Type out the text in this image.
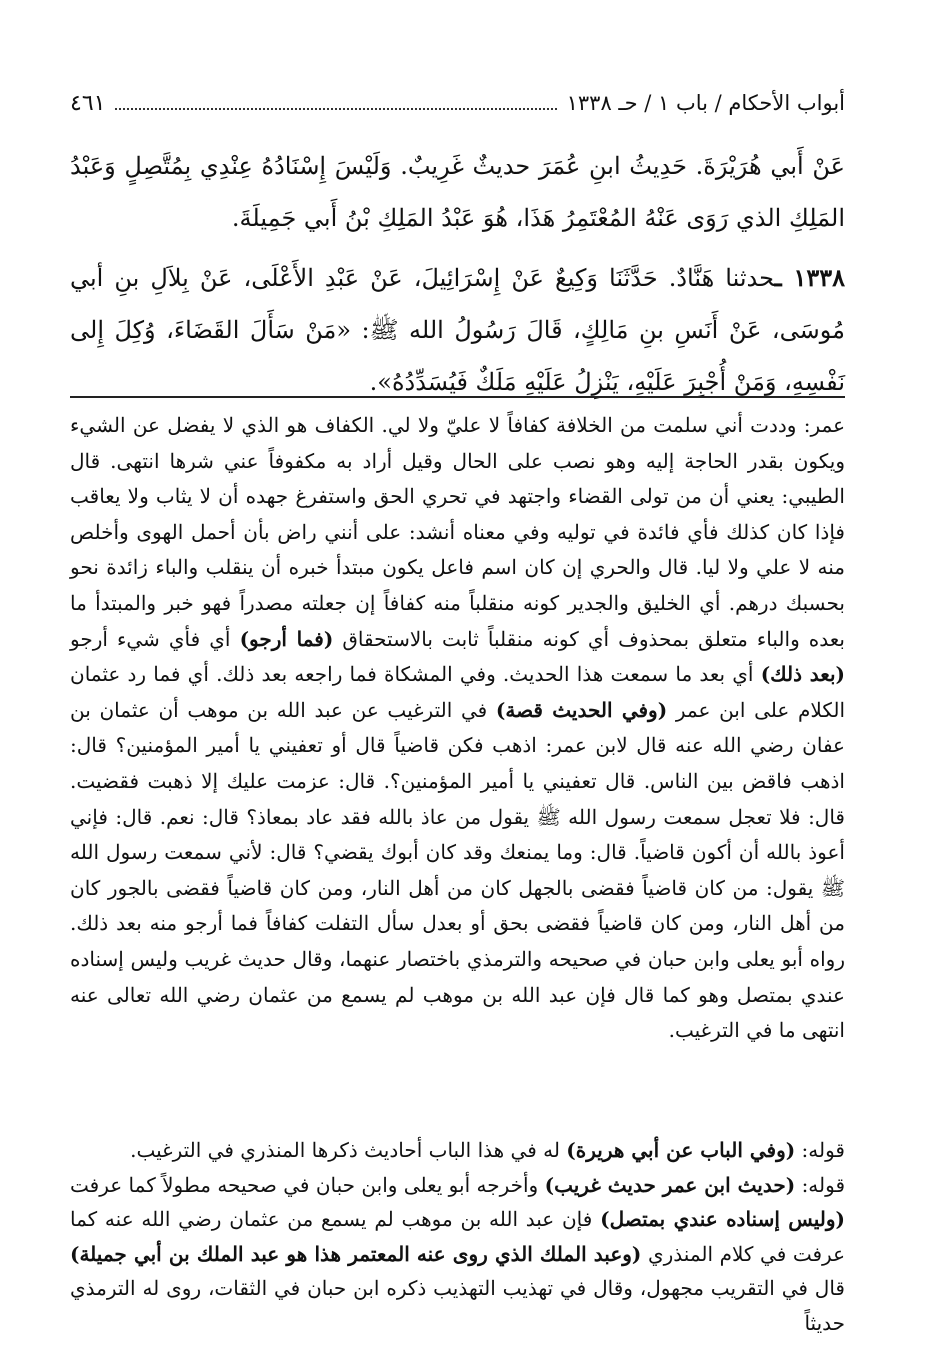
أبواب الأحكام / باب ١ / حـ ١٣٣٨
٤٦١

عَنْ أَبي هُرَيْرَةَ. حَدِيثُ ابنِ عُمَرَ حديثٌ غَرِيبٌ. وَلَيْسَ إِسْنَادُهُ عِنْدِي بِمُتَّصِلٍ وَعَبْدُ المَلِكِ الذي رَوَى عَنْهُ المُعْتَمِرُ هَذَا، هُوَ عَبْدُ المَلِكِ بْنُ أَبي جَمِيلَةَ.

١٣٣٨ ـحدثنا هَنَّادٌ. حَدَّثَنَا وَكِيعٌ عَنْ إِسْرَائِيلَ، عَنْ عَبْدِ الأَعْلَى، عَنْ بِلاَلِ بنِ أبي مُوسَى، عَنْ أَنَسِ بنِ مَالِكٍ، قَالَ رَسُولُ الله ﷺ: «مَنْ سَأَلَ القَضَاءَ، وُكِلَ إِلى نَفْسِهِ، وَمَنْ أُجْبِرَ عَلَيْهِ، يَنْزِلُ عَلَيْهِ مَلَكٌ فَيُسَدِّدُهُ».

عمر: وددت أني سلمت من الخلافة كفافاً لا عليّ ولا لي. الكفاف هو الذي لا يفضل عن الشيء ويكون بقدر الحاجة إليه وهو نصب على الحال وقيل أراد به مكفوفاً عني شرها انتهى. قال الطيبي: يعني أن من تولى القضاء واجتهد في تحري الحق واستفرغ جهده أن لا يثاب ولا يعاقب فإذا كان كذلك فأي فائدة في توليه وفي معناه أنشد: على أنني راض بأن أحمل الهوى وأخلص منه لا علي ولا ليا. قال والحري إن كان اسم فاعل يكون مبتدأ خبره أن ينقلب والباء زائدة نحو بحسبك درهم. أي الخليق والجدير كونه منقلباً منه كفافاً إن جعلته مصدراً فهو خبر والمبتدأ ما بعده والباء متعلق بمحذوف أي كونه منقلباً ثابت بالاستحقاق (فما أرجو) أي فأي شيء أرجو (بعد ذلك) أي بعد ما سمعت هذا الحديث. وفي المشكاة فما راجعه بعد ذلك. أي فما رد عثمان الكلام على ابن عمر (وفي الحديث قصة) في الترغيب عن عبد الله بن موهب أن عثمان بن عفان رضي الله عنه قال لابن عمر: اذهب فكن قاضياً قال أو تعفيني يا أمير المؤمنين؟ قال: اذهب فاقض بين الناس. قال تعفيني يا أمير المؤمنين؟. قال: عزمت عليك إلا ذهبت فقضيت. قال: فلا تعجل سمعت رسول الله ﷺ يقول من عاذ بالله فقد عاد بمعاذ؟ قال: نعم. قال: فإني أعوذ بالله أن أكون قاضياً. قال: وما يمنعك وقد كان أبوك يقضي؟ قال: لأني سمعت رسول الله ﷺ يقول: من كان قاضياً فقضى بالجهل كان من أهل النار، ومن كان قاضياً فقضى بالجور كان من أهل النار، ومن كان قاضياً فقضى بحق أو بعدل سأل التفلت كفافاً فما أرجو منه بعد ذلك. رواه أبو يعلى وابن حبان في صحيحه والترمذي باختصار عنهما، وقال حديث غريب وليس إسناده عندي بمتصل وهو كما قال فإن عبد الله بن موهب لم يسمع من عثمان رضي الله تعالى عنه انتهى ما في الترغيب.

قوله: (وفي الباب عن أبي هريرة) له في هذا الباب أحاديث ذكرها المنذري في الترغيب.

قوله: (حديث ابن عمر حديث غريب) وأخرجه أبو يعلى وابن حبان في صحيحه مطولاً كما عرفت (وليس إسناده عندي بمتصل) فإن عبد الله بن موهب لم يسمع من عثمان رضي الله عنه كما عرفت في كلام المنذري (وعبد الملك الذي روى عنه المعتمر هذا هو عبد الملك بن أبي جميلة) قال في التقريب مجهول، وقال في تهذيب التهذيب ذكره ابن حبان في الثقات، روى له الترمذي حديثاً
